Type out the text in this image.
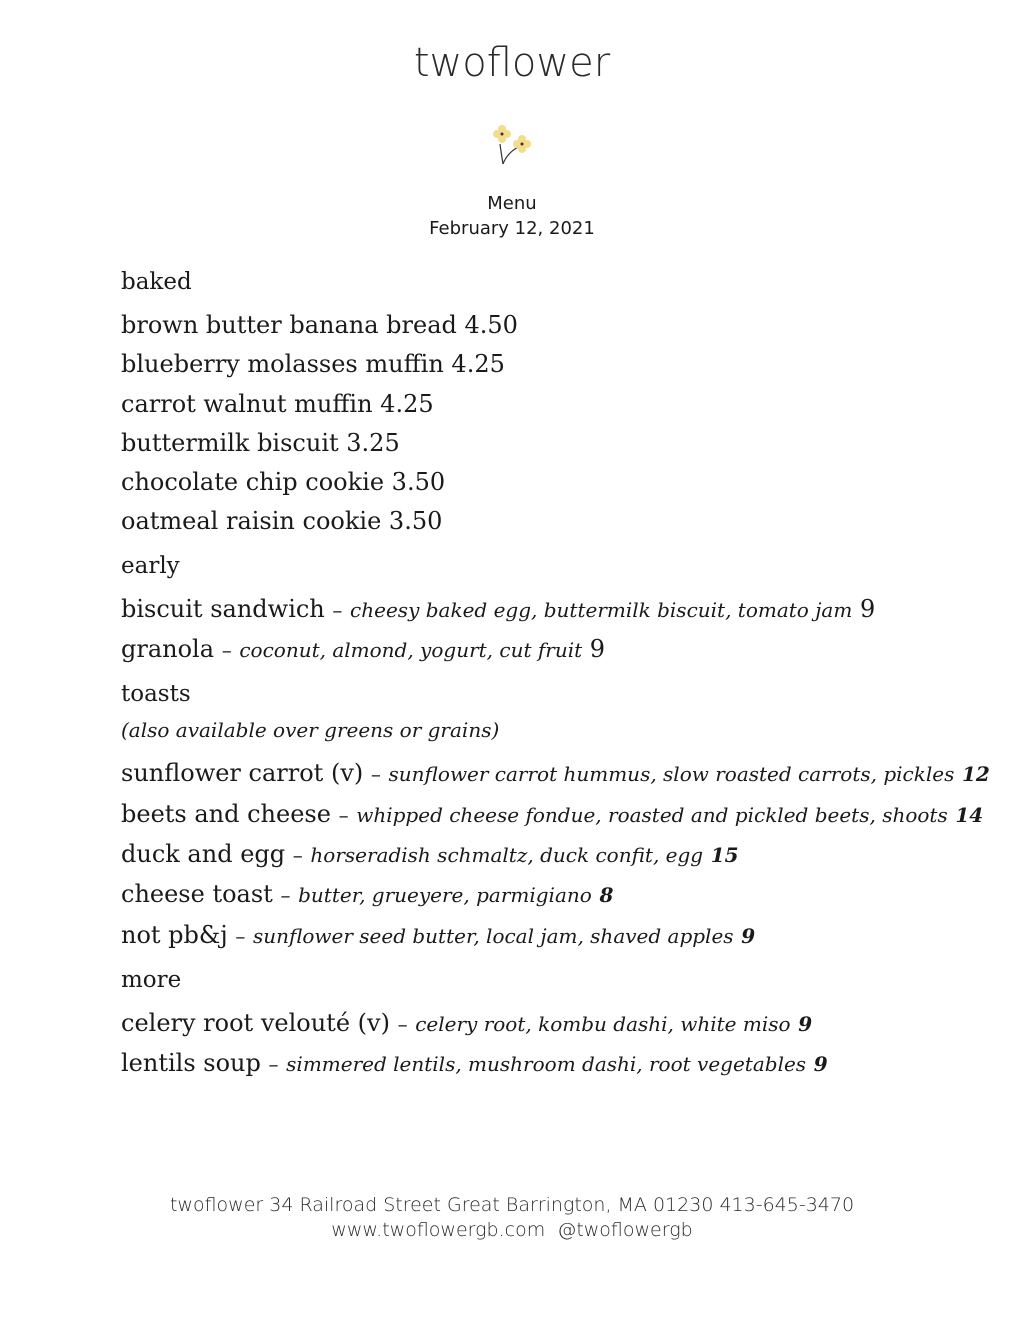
twoflower
Menu
February 12, 2021
baked
brown butter banana bread 4.50
blueberry molasses muffin 4.25
carrot walnut muffin 4.25
buttermilk biscuit 3.25
chocolate chip cookie 3.50
oatmeal raisin cookie 3.50
early
biscuit sandwich – cheesy baked egg, buttermilk biscuit, tomato jam 9
granola – coconut, almond, yogurt, cut fruit 9
toasts
(also available over greens or grains)
sunflower carrot (v) – sunflower carrot hummus, slow roasted carrots, pickles 12
beets and cheese – whipped cheese fondue, roasted and pickled beets, shoots 14
duck and egg – horseradish schmaltz, duck confit, egg 15
cheese toast – butter, grueyere, parmigiano 8
not pb&j – sunflower seed butter, local jam, shaved apples 9
more
celery root velouté (v) – celery root, kombu dashi, white miso 9
lentils soup – simmered lentils, mushroom dashi, root vegetables 9
twoflower 34 Railroad Street Great Barrington, MA 01230 413-645-3470
www.twoflowergb.com @twoflowergb
